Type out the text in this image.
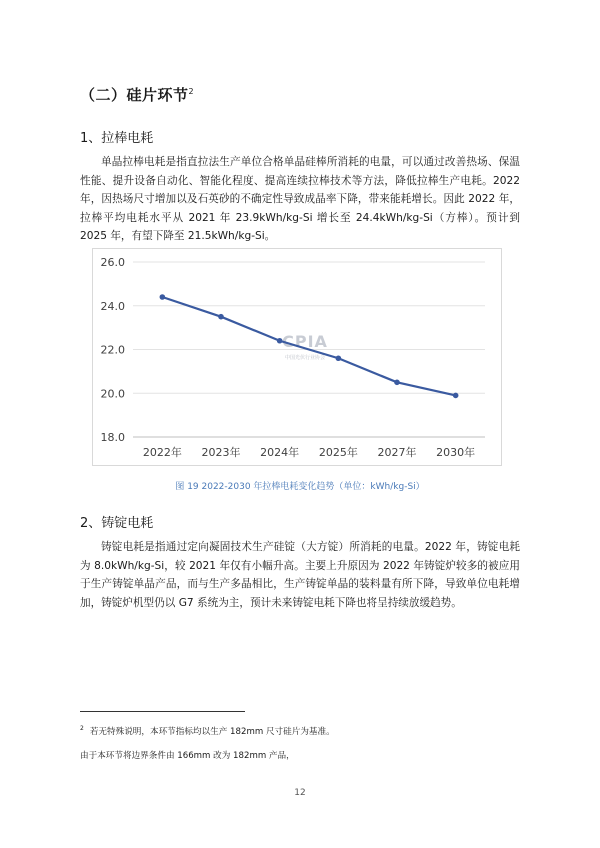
（二）硅片环节$^2$
1、拉棒电耗

单晶拉棒电耗是指直拉法生产单位合格单晶硅棒所消耗的电量，可以通过改善热场、保温性能、提升设备自动化、智能化程度、提高连续拉棒技术等方法，降低拉棒生产电耗。2022 年，因热场尺寸增加以及石英砂的不确定性导致成晶率下降，带来能耗增长。因此 2022 年，拉棒平均电耗水平从 2021 年 23.9kWh/kg-Si 增长至 24.4kWh/kg-Si（方棒）。预计到 2025 年，有望下降至 21.5kWh/kg-Si。

CPIA
中国光伏行业协会
18.0
20.0
22.0
24.0
26.0
2022年 2023年 2024年 2025年 2027年 2030年
图 19 2022-2030 年拉棒电耗变化趋势（单位：kWh/kg-Si）
2、铸锭电耗

铸锭电耗是指通过定向凝固技术生产硅锭（大方锭）所消耗的电量。2022 年，铸锭电耗为 8.0kWh/kg-Si，较 2021 年仅有小幅升高。主要上升原因为 2022 年铸锭炉较多的被应用于生产铸锭单晶产品，而与生产多晶相比，生产铸锭单晶的装料量有所下降，导致单位电耗增加，铸锭炉机型仍以 G7 系统为主，预计未来铸锭电耗下降也将呈持续放缓趋势。

$^2$ 若无特殊说明，本环节指标均以生产 182mm 尺寸硅片为基准。
由于本环节将边界条件由 166mm 改为 182mm 产品，
12
